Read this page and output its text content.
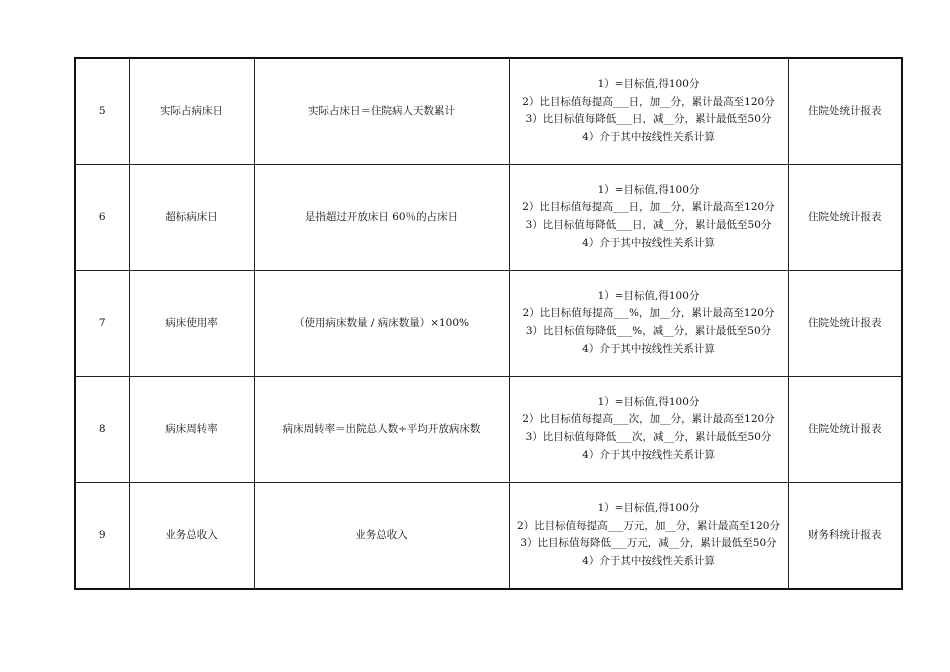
5	实际占病床日	实际占床日＝住院病人天数累计	1）=目标值,得100分
2）比目标值每提高___日，加__分，累计最高至120分
3）比目标值每降低___日，减__分，累计最低至50分
4）介于其中按线性关系计算	住院处统计报表
6	超标病床日	是指超过开放床日 60％的占床日	1）=目标值,得100分
2）比目标值每提高___日，加__分，累计最高至120分
3）比目标值每降低___日，减__分，累计最低至50分
4）介于其中按线性关系计算	住院处统计报表
7	病床使用率	（使用病床数量 / 病床数量）×100%	1）=目标值,得100分
2）比目标值每提高___%，加__分，累计最高至120分
3）比目标值每降低___%，减__分，累计最低至50分
4）介于其中按线性关系计算	住院处统计报表
8	病床周转率	病床周转率＝出院总人数÷平均开放病床数	1）=目标值,得100分
2）比目标值每提高___次，加__分，累计最高至120分
3）比目标值每降低___次，减__分，累计最低至50分
4）介于其中按线性关系计算	住院处统计报表
9	业务总收入	业务总收入	1）=目标值,得100分
2）比目标值每提高___万元，加__分，累计最高至120分
3）比目标值每降低___万元，减__分，累计最低至50分
4）介于其中按线性关系计算	财务科统计报表
